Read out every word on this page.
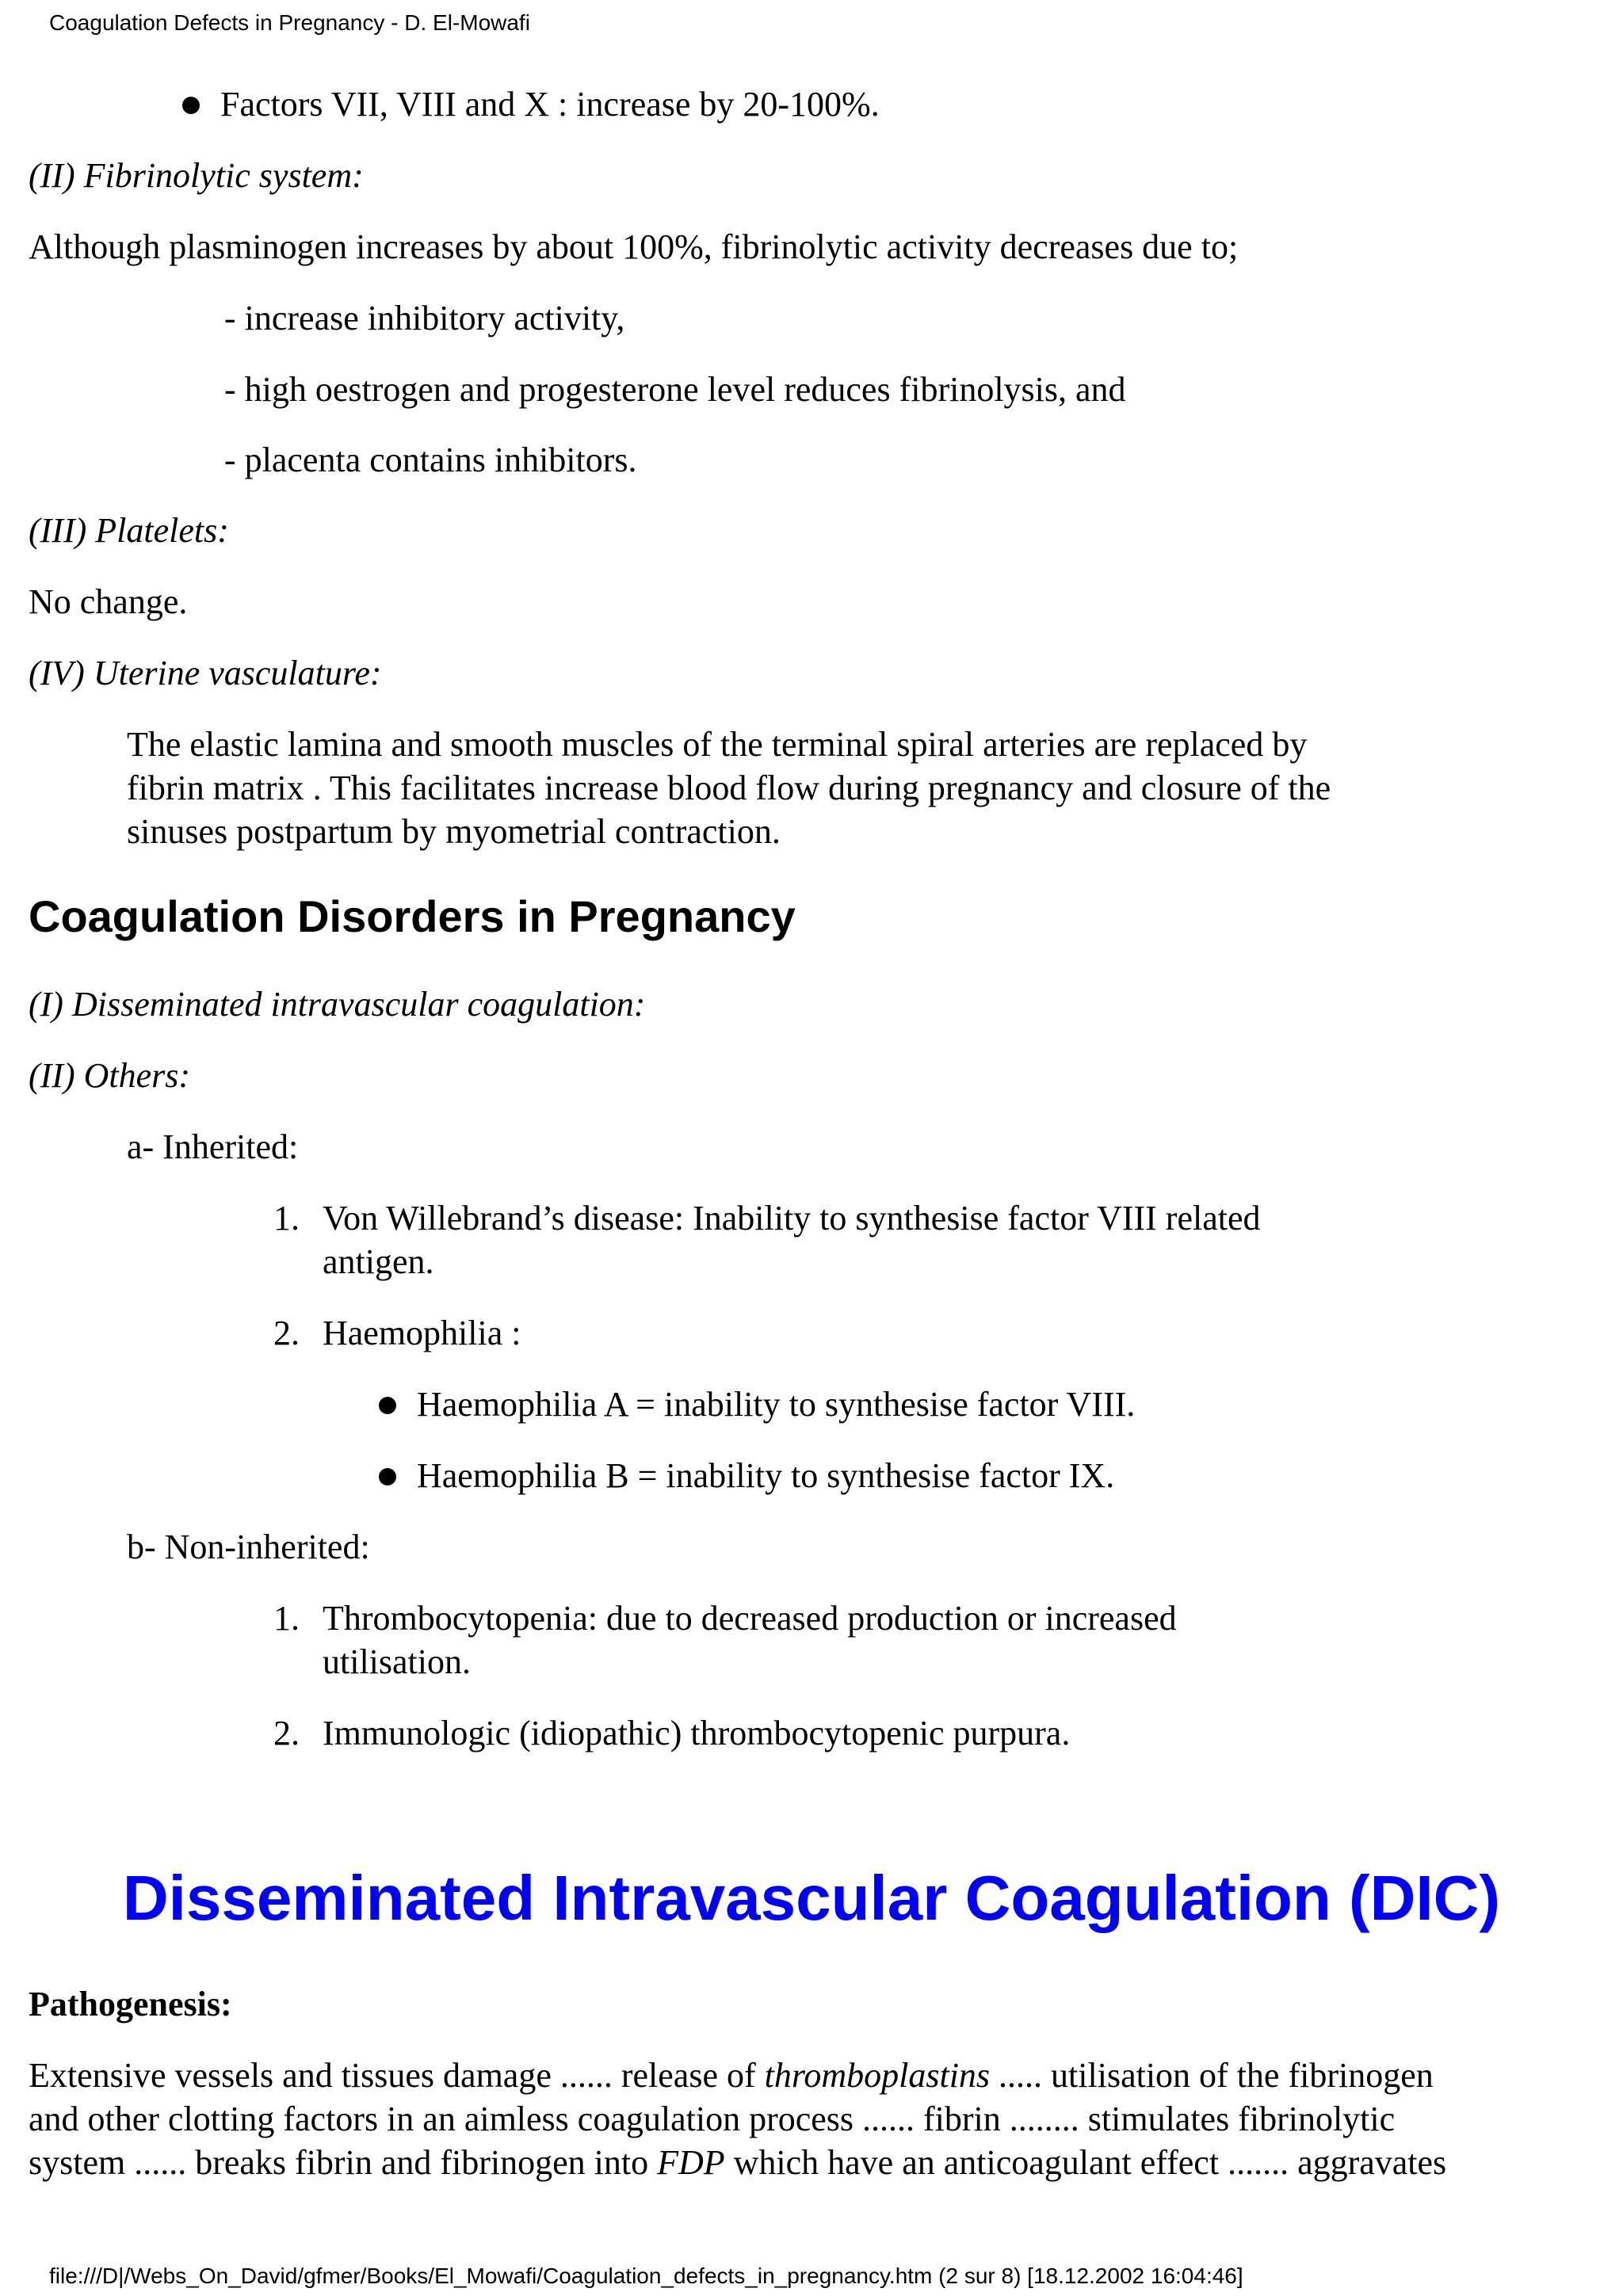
Coagulation Defects in Pregnancy - D. El-Mowafi
Factors VII, VIII and X : increase by 20-100%.
(II) Fibrinolytic system:
Although plasminogen increases by about 100%, fibrinolytic activity decreases due to;
- increase inhibitory activity,
- high oestrogen and progesterone level reduces fibrinolysis, and
- placenta contains inhibitors.
(III) Platelets:
No change.
(IV) Uterine vasculature:
The elastic lamina and smooth muscles of the terminal spiral arteries are replaced by
fibrin matrix . This facilitates increase blood flow during pregnancy and closure of the
sinuses postpartum by myometrial contraction.
Coagulation Disorders in Pregnancy
(I) Disseminated intravascular coagulation:
(II) Others:
a- Inherited:
1. Von Willebrand’s disease: Inability to synthesise factor VIII related
antigen.
2. Haemophilia :
Haemophilia A = inability to synthesise factor VIII.
Haemophilia B = inability to synthesise factor IX.
b- Non-inherited:
1. Thrombocytopenia: due to decreased production or increased
utilisation.
2. Immunologic (idiopathic) thrombocytopenic purpura.
Disseminated Intravascular Coagulation (DIC)
Pathogenesis:
Extensive vessels and tissues damage ...... release of thromboplastins ..... utilisation of the fibrinogen
and other clotting factors in an aimless coagulation process ...... fibrin ........ stimulates fibrinolytic
system ...... breaks fibrin and fibrinogen into FDP which have an anticoagulant effect ....... aggravates
file:///D|/Webs_On_David/gfmer/Books/El_Mowafi/Coagulation_defects_in_pregnancy.htm (2 sur 8) [18.12.2002 16:04:46]
